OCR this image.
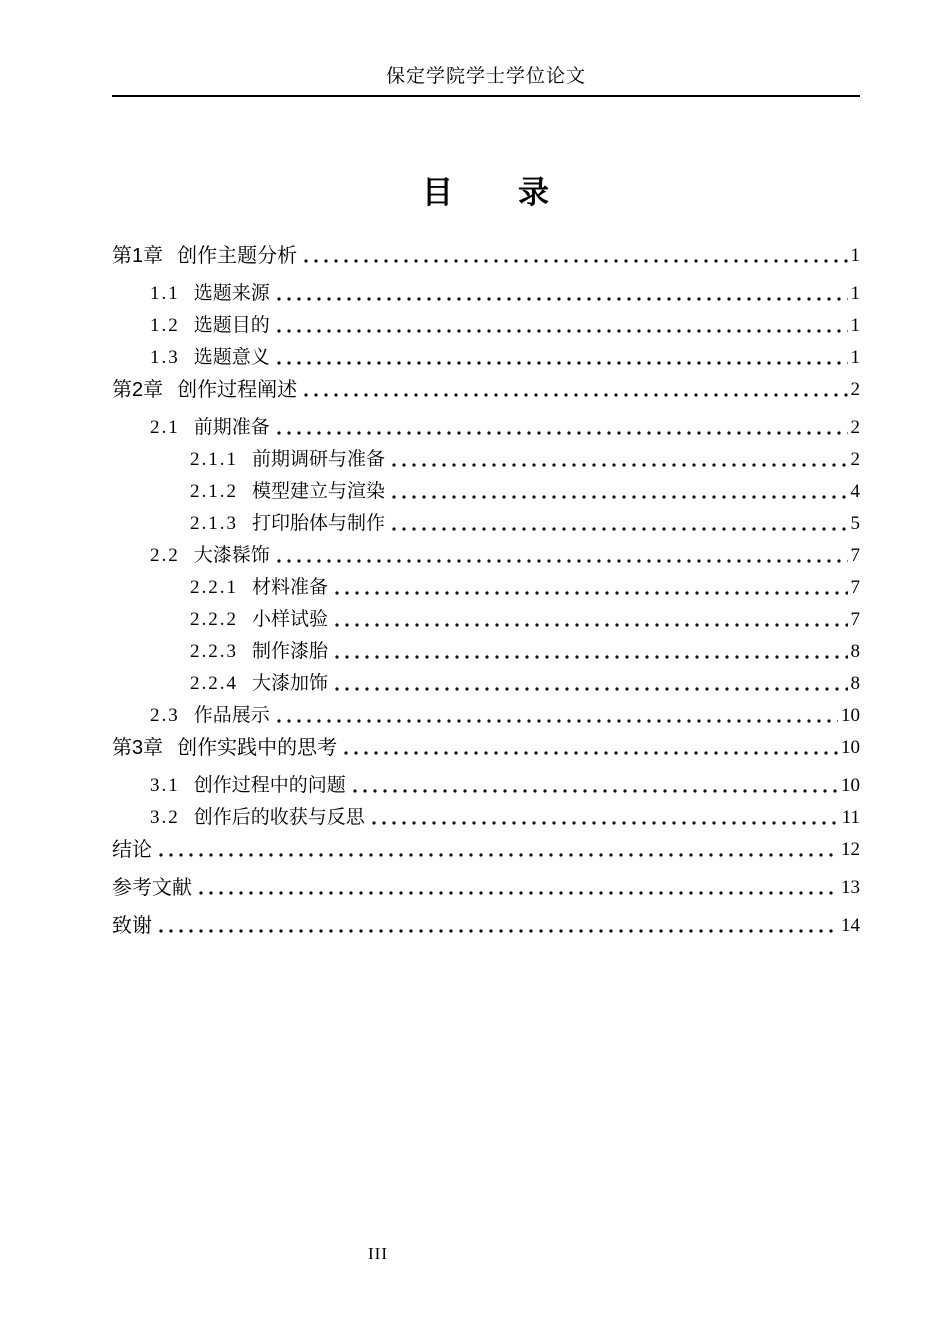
保定学院学士学位论文
目　　录
第1章 创作主题分析	1
1.1 选题来源	1
1.2 选题目的	1
1.3 选题意义	1
第2章 创作过程阐述	2
2.1 前期准备	2
2.1.1 前期调研与准备	2
2.1.2 模型建立与渲染	4
2.1.3 打印胎体与制作	5
2.2 大漆髹饰	7
2.2.1 材料准备	7
2.2.2 小样试验	7
2.2.3 制作漆胎	8
2.2.4 大漆加饰	8
2.3 作品展示	10
第3章 创作实践中的思考	10
3.1 创作过程中的问题	10
3.2 创作后的收获与反思	11
结论	12
参考文献	13
致谢	14
III
